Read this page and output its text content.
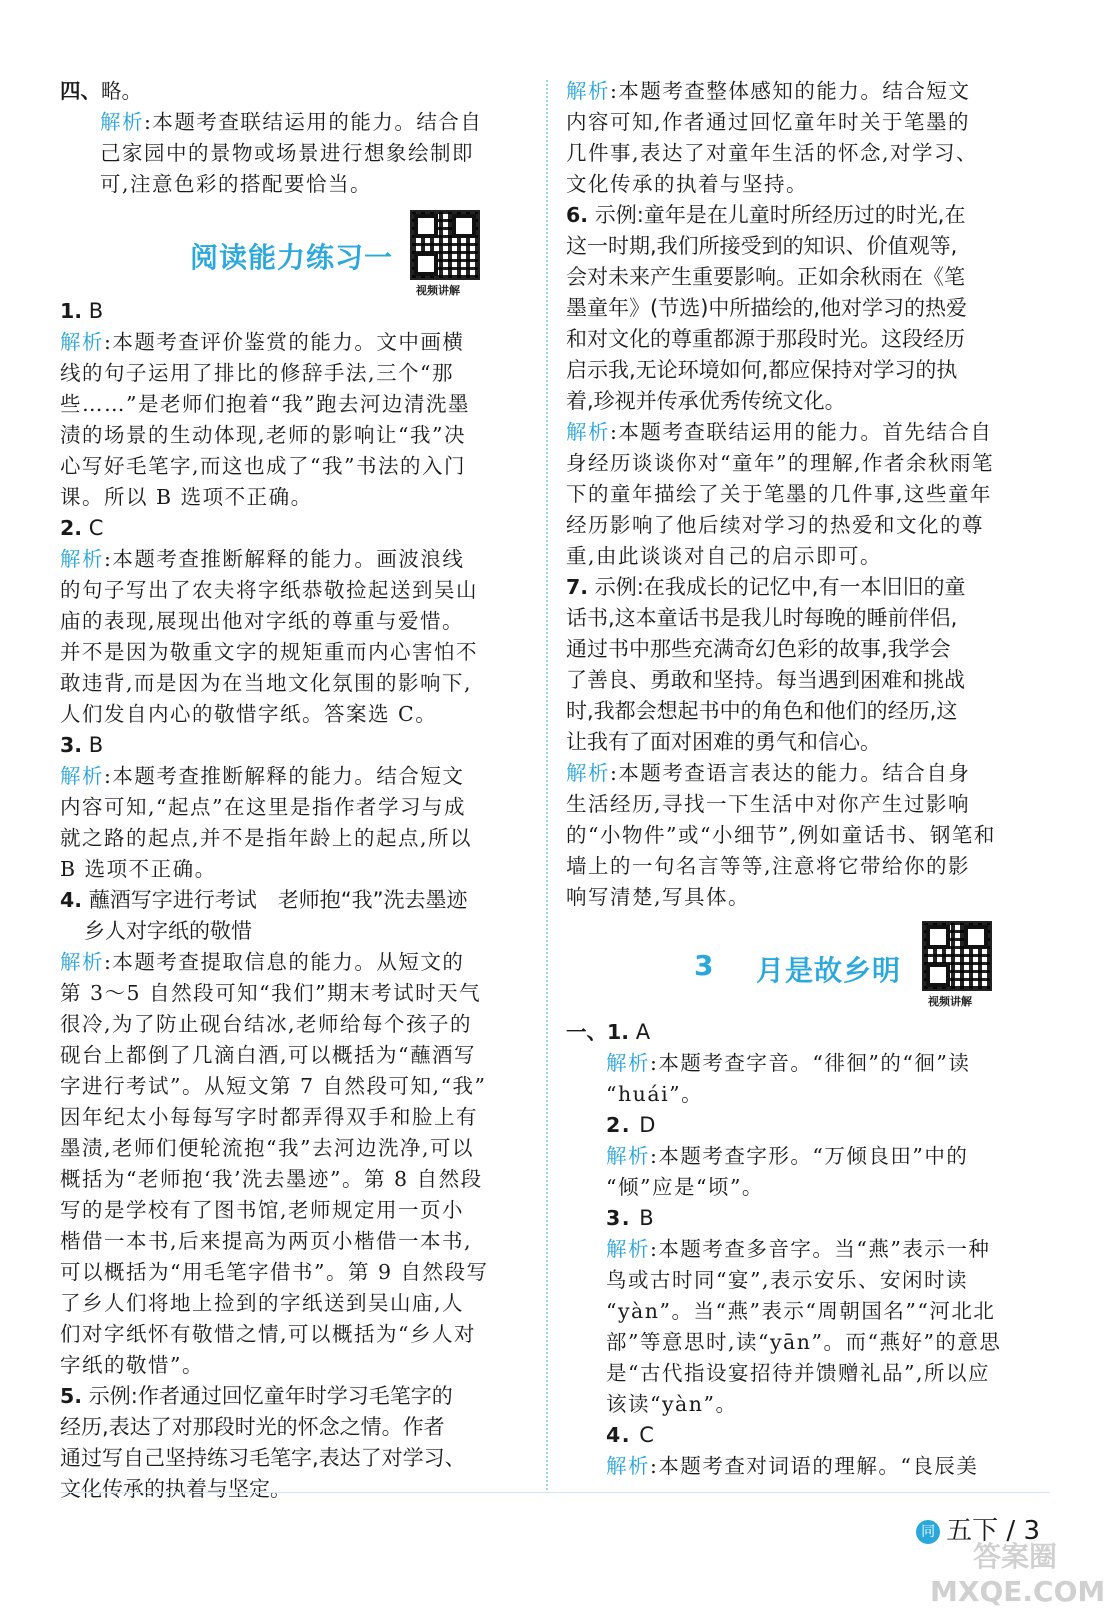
四、略。

解析:本题考查联结运用的能力。结合自

己家园中的景物或场景进行想象绘制即

可,注意色彩的搭配要恰当。

阅读能力练习一
视频讲解

1. B

解析:本题考查评价鉴赏的能力。文中画横

线的句子运用了排比的修辞手法,三个“那

些……”是老师们抱着“我”跑去河边清洗墨

渍的场景的生动体现,老师的影响让“我”决

心写好毛笔字,而这也成了“我”书法的入门

课。所以 B 选项不正确。

2. C

解析:本题考查推断解释的能力。画波浪线

的句子写出了农夫将字纸恭敬捡起送到吴山

庙的表现,展现出他对字纸的尊重与爱惜。

并不是因为敬重文字的规矩重而内心害怕不

敢违背,而是因为在当地文化氛围的影响下,

人们发自内心的敬惜字纸。答案选 C。

3. B

解析:本题考查推断解释的能力。结合短文

内容可知,“起点”在这里是指作者学习与成

就之路的起点,并不是指年龄上的起点,所以

B 选项不正确。

4. 蘸酒写字进行考试　老师抱“我”洗去墨迹

乡人对字纸的敬惜

解析:本题考查提取信息的能力。从短文的

第 3～5 自然段可知“我们”期末考试时天气

很冷,为了防止砚台结冰,老师给每个孩子的

砚台上都倒了几滴白酒,可以概括为“蘸酒写

字进行考试”。从短文第 7 自然段可知,“我”

因年纪太小每每写字时都弄得双手和脸上有

墨渍,老师们便轮流抱“我”去河边洗净,可以

概括为“老师抱‘我’洗去墨迹”。第 8 自然段

写的是学校有了图书馆,老师规定用一页小

楷借一本书,后来提高为两页小楷借一本书,

可以概括为“用毛笔字借书”。第 9 自然段写

了乡人们将地上捡到的字纸送到吴山庙,人

们对字纸怀有敬惜之情,可以概括为“乡人对

字纸的敬惜”。

5. 示例:作者通过回忆童年时学习毛笔字的

经历,表达了对那段时光的怀念之情。作者

通过写自己坚持练习毛笔字,表达了对学习、

文化传承的执着与坚定。

解析:本题考查整体感知的能力。结合短文

内容可知,作者通过回忆童年时关于笔墨的

几件事,表达了对童年生活的怀念,对学习、

文化传承的执着与坚持。

6. 示例:童年是在儿童时所经历过的时光,在

这一时期,我们所接受到的知识、价值观等,

会对未来产生重要影响。正如余秋雨在《笔

墨童年》(节选)中所描绘的,他对学习的热爱

和对文化的尊重都源于那段时光。这段经历

启示我,无论环境如何,都应保持对学习的执

着,珍视并传承优秀传统文化。

解析:本题考查联结运用的能力。首先结合自

身经历谈谈你对“童年”的理解,作者余秋雨笔

下的童年描绘了关于笔墨的几件事,这些童年

经历影响了他后续对学习的热爱和文化的尊

重,由此谈谈对自己的启示即可。

7. 示例:在我成长的记忆中,有一本旧旧的童

话书,这本童话书是我儿时每晚的睡前伴侣,

通过书中那些充满奇幻色彩的故事,我学会

了善良、勇敢和坚持。每当遇到困难和挑战

时,我都会想起书中的角色和他们的经历,这

让我有了面对困难的勇气和信心。

解析:本题考查语言表达的能力。结合自身

生活经历,寻找一下生活中对你产生过影响

的“小物件”或“小细节”,例如童话书、钢笔和

墙上的一句名言等等,注意将它带给你的影

响写清楚,写具体。

3 月是故乡明
视频讲解

一、1. A

解析:本题考查字音。“徘徊”的“徊”读

“huái”。

2. D

解析:本题考查字形。“万倾良田”中的

“倾”应是“顷”。

3. B

解析:本题考查多音字。当“燕”表示一种

鸟或古时同“宴”,表示安乐、安闲时读

“yàn”。当“燕”表示“周朝国名”“河北北

部”等意思时,读“yān”。而“燕好”的意思

是“古代指设宴招待并馈赠礼品”,所以应

该读“yàn”。

4. C

解析:本题考查对词语的理解。“良辰美

同 五下 / 3
答案圈 MXQE.COM
